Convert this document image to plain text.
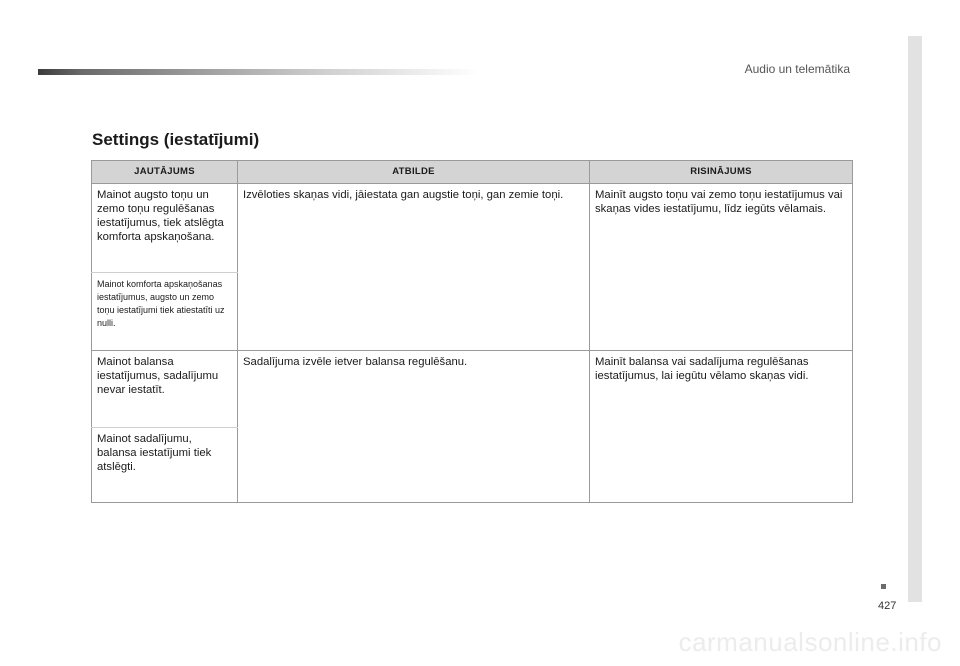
Audio un telemātika
427
Settings (iestatījumi)
JAUTĀJUMS	ATBILDE	RISINĀJUMS
Mainot augsto toņu un zemo toņu regulēšanas iestatījumus, tiek atslēgta komforta apskaņošana.	Izvēloties skaņas vidi, jāiestata gan augstie toņi, gan zemie toņi.	Mainīt augsto toņu vai zemo toņu iestatījumus vai skaņas vides iestatījumu, līdz iegūts vēlamais.
Mainot komforta apskaņošanas iestatījumus, augsto un zemo toņu iestatījumi tiek atiestatīti uz nulli.		
Mainot balansa iestatījumus, sadalījumu nevar iestatīt.	Sadalījuma izvēle ietver balansa regulēšanu.	Mainīt balansa vai sadalījuma regulēšanas iestatījumus, lai iegūtu vēlamo skaņas vidi.
Mainot sadalījumu, balansa iestatījumi tiek atslēgti.		
carmanualsonline.info
